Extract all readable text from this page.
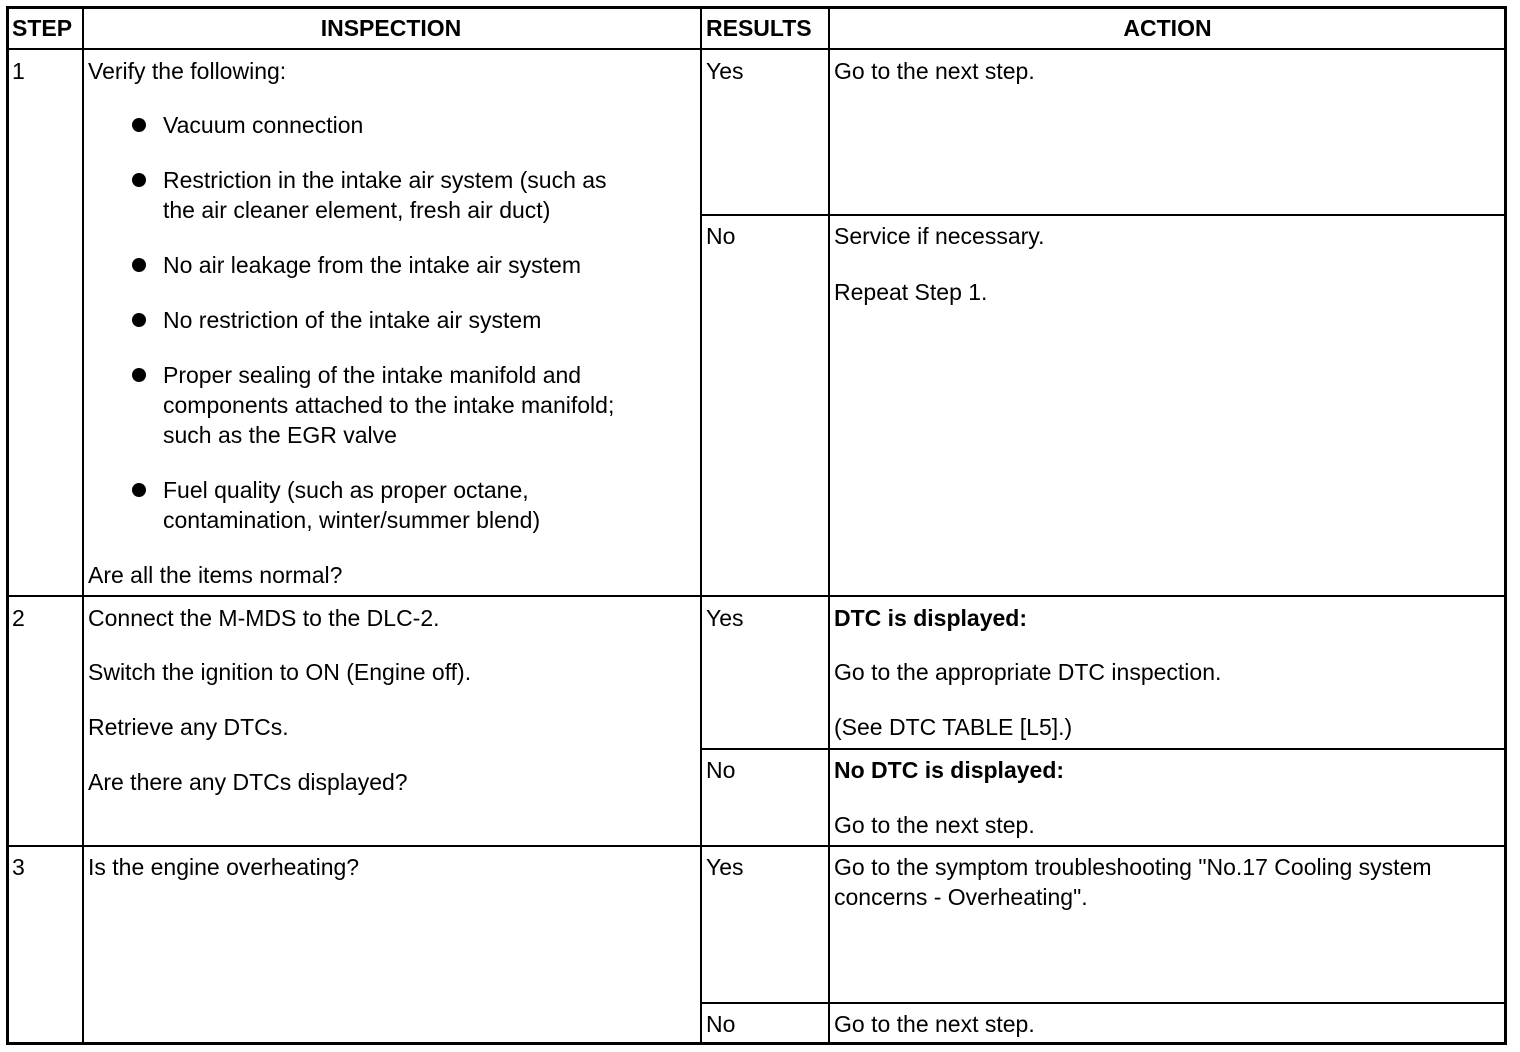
STEP	INSPECTION	RESULTS	ACTION
1	Verify the following:
Vacuum connection
Restriction in the intake air system (such as
the air cleaner element, fresh air duct)
No air leakage from the intake air system
No restriction of the intake air system
Proper sealing of the intake manifold and
components attached to the intake manifold;
such as the EGR valve
Fuel quality (such as proper octane,
contamination, winter/summer blend)
Are all the items normal?
Yes	Go to the next step.
No	Service if necessary.
Repeat Step 1.
2	Connect the M-MDS to the DLC-2.
Switch the ignition to ON (Engine off).
Retrieve any DTCs.
Are there any DTCs displayed?
Yes	DTC is displayed:
Go to the appropriate DTC inspection.
(See DTC TABLE [L5].)
No	No DTC is displayed:
Go to the next step.
3	Is the engine overheating?	Yes	Go to the symptom troubleshooting "No.17 Cooling system
concerns - Overheating".
No	Go to the next step.
